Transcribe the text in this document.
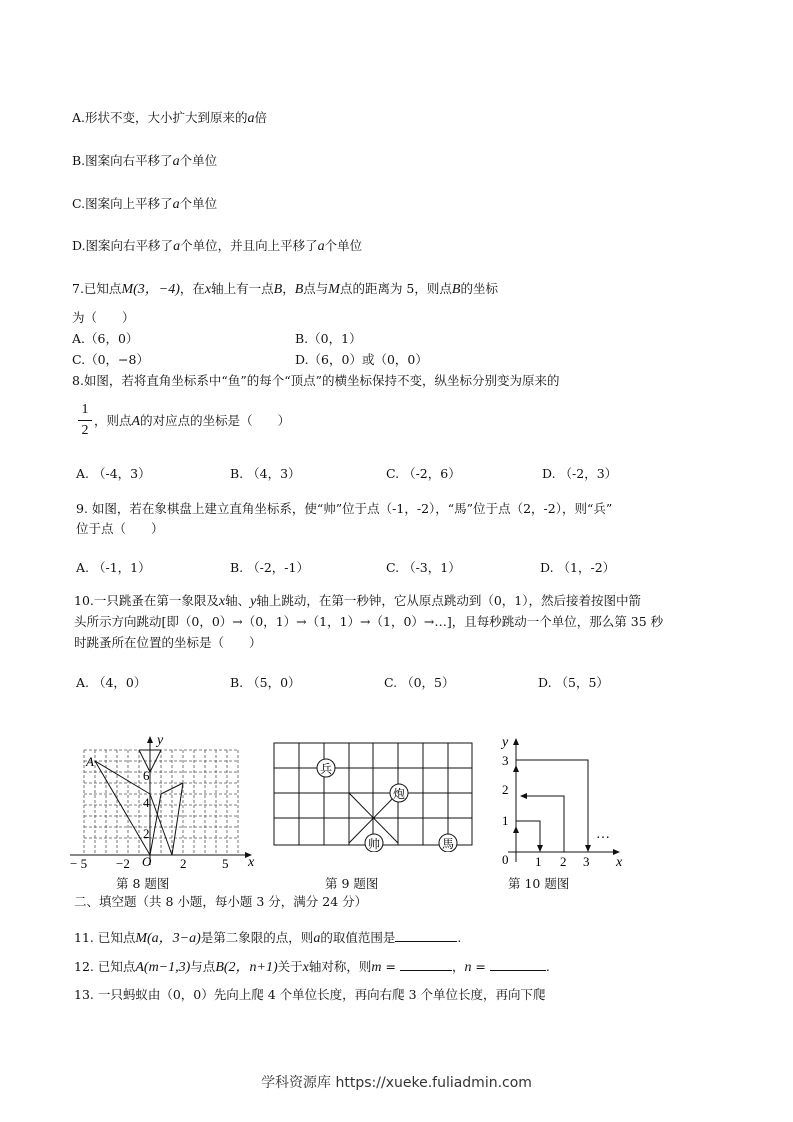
A.形状不变，大小扩大到原来的a倍
B.图案向右平移了a个单位
C.图案向上平移了a个单位
D.图案向右平移了a个单位，并且向上平移了a个单位
7.已知点M(3，−4)，在x轴上有一点B，B点与M点的距离为 5，则点B的坐标
为（　　）
A.（6，0）	B.（0，1）
C.（0，−8）	D.（6，0）或（0，0）
8.如图，若将直角坐标系中“鱼”的每个“顶点”的横坐标保持不变，纵坐标分别变为原来的
1
2
，则点A的对应点的坐标是（　　）
A. （-4，3）	B. （4，3）	C. （-2，6）	D. （-2，3）
9. 如图，若在象棋盘上建立直角坐标系，使“帅”位于点（-1，-2），“馬”位于点（2，-2），则“兵”
位于点（　　）
A. （-1，1）	B. （-2，-1）	C. （-3，1）	D. （1，-2）
10.一只跳蚤在第一象限及x轴、y轴上跳动，在第一秒钟，它从原点跳动到（0，1），然后接着按图中箭
头所示方向跳动[即（0，0）→（0，1）→（1，1）→（1，0）→…]，且每秒跳动一个单位，那么第 35 秒
时跳蚤所在位置的坐标是（　　）
A. （4，0）	B. （5，0）	C. （0，5）	D. （5，5）
y
x
A
O
6
4
2
− 5 −2	2	5
第 8 题图
兵
炮
帅	馬
第 9 题图
y
x
0
1
2
3
1 2 3
…
第 10 题图
二、填空题（共 8 小题，每小题 3 分，满分 24 分）
11. 已知点M(a，3−a)是第二象限的点，则a的取值范围是	.
12. 已知点A(m−1,3)与点B(2，n+1)关于x轴对称，则m =	，n =	.
13. 一只蚂蚁由（0，0）先向上爬 4 个单位长度，再向右爬 3 个单位长度，再向下爬
学科资源库 https://xueke.fuliadmin.com
